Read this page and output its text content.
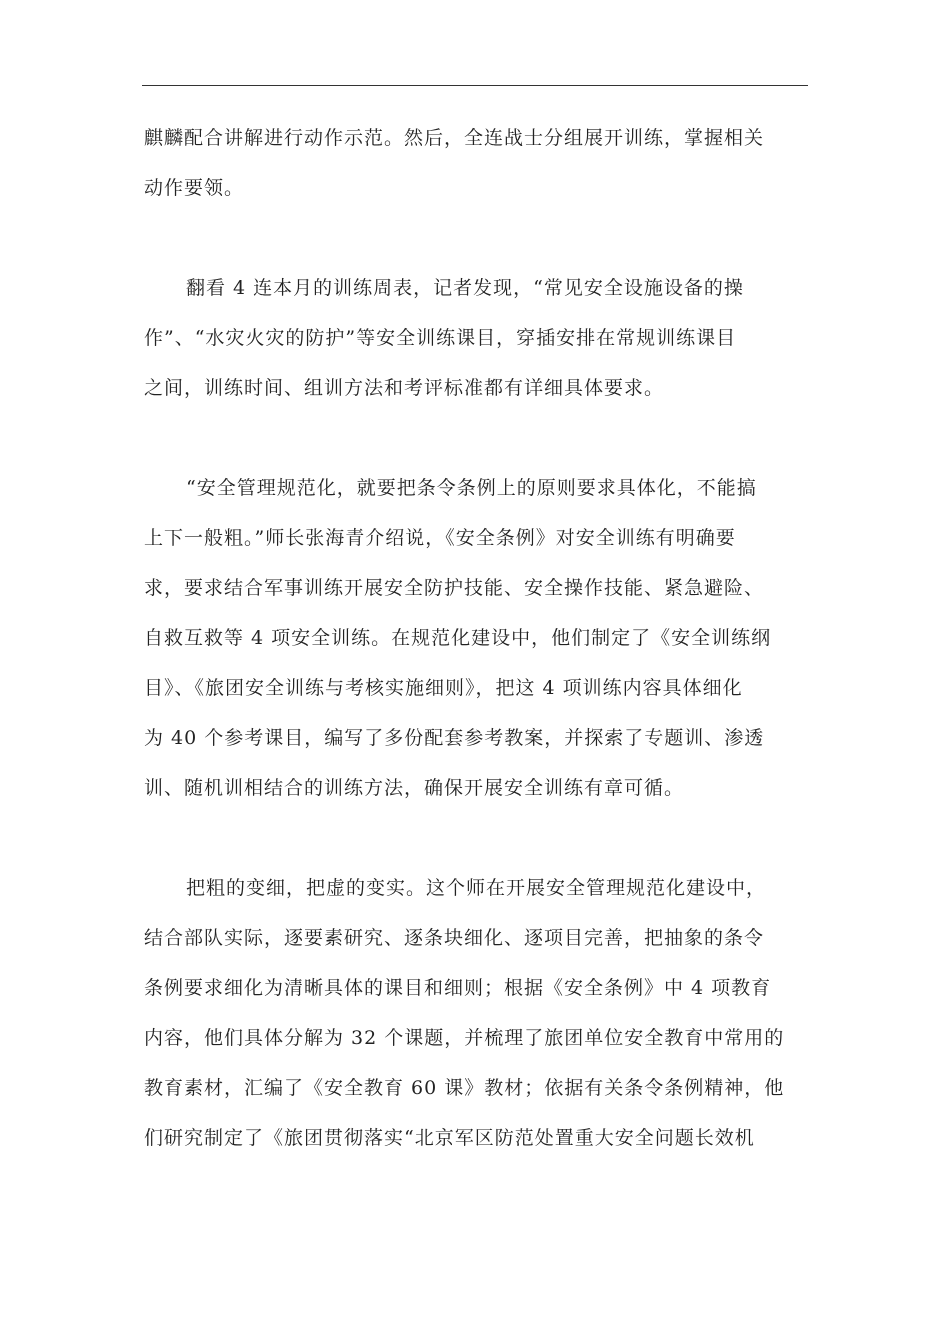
麒麟配合讲解进行动作示范。然后，全连战士分组展开训练，掌握相关
动作要领。

翻看 4 连本月的训练周表，记者发现，“常见安全设施设备的操
作”、“水灾火灾的防护”等安全训练课目，穿插安排在常规训练课目
之间，训练时间、组训方法和考评标准都有详细具体要求。

“安全管理规范化，就要把条令条例上的原则要求具体化，不能搞
上下一般粗。”师长张海青介绍说，《安全条例》对安全训练有明确要
求，要求结合军事训练开展安全防护技能、安全操作技能、紧急避险、
自救互救等 4 项安全训练。在规范化建设中，他们制定了《安全训练纲
目》、《旅团安全训练与考核实施细则》，把这 4 项训练内容具体细化
为 40 个参考课目，编写了多份配套参考教案，并探索了专题训、渗透
训、随机训相结合的训练方法，确保开展安全训练有章可循。

把粗的变细，把虚的变实。这个师在开展安全管理规范化建设中，
结合部队实际，逐要素研究、逐条块细化、逐项目完善，把抽象的条令
条例要求细化为清晰具体的课目和细则；根据《安全条例》中 4 项教育
内容，他们具体分解为 32 个课题，并梳理了旅团单位安全教育中常用的
教育素材，汇编了《安全教育 60 课》教材；依据有关条令条例精神，他
们研究制定了《旅团贯彻落实“北京军区防范处置重大安全问题长效机
